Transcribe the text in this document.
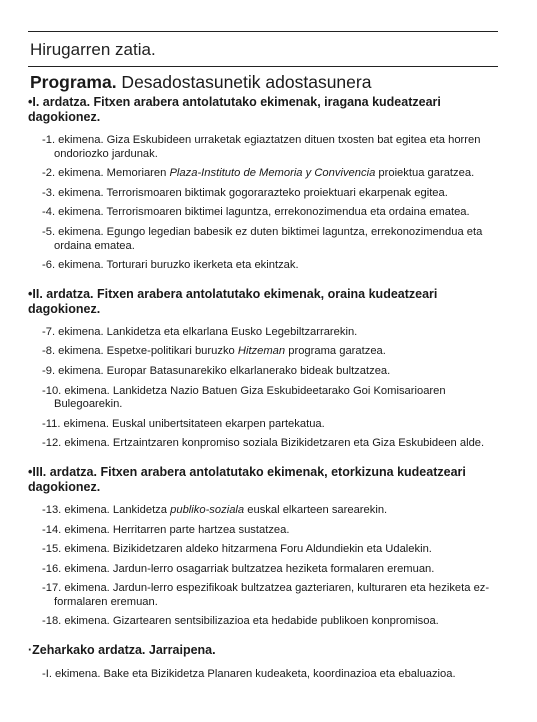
Hirugarren zatia.
Programa. Desadostasunetik adostasunera
•I. ardatza. Fitxen arabera antolatutako ekimenak, iragana kudeatzeari dagokionez.
-1. ekimena. Giza Eskubideen urraketak egiaztatzen dituen txosten bat egitea eta horren ondoriozko jardunak.
-2. ekimena. Memoriaren Plaza-Instituto de Memoria y Convivencia proiektua garatzea.
-3. ekimena. Terrorismoaren biktimak gogorarazteko proiektuari ekarpenak egitea.
-4. ekimena. Terrorismoaren biktimei laguntza, errekonozimendua eta ordaina ematea.
-5. ekimena. Egungo legedian babesik ez duten biktimei laguntza, errekonozimendua eta ordaina ematea.
-6. ekimena. Torturari buruzko ikerketa eta ekintzak.
•II. ardatza. Fitxen arabera antolatutako ekimenak, oraina kudeatzeari dagokionez.
-7. ekimena. Lankidetza eta elkarlana Eusko Legebiltzarrarekin.
-8. ekimena. Espetxe-politikari buruzko Hitzeman programa garatzea.
-9. ekimena. Europar Batasunarekiko elkarlanerako bideak bultzatzea.
-10. ekimena. Lankidetza Nazio Batuen Giza Eskubideetarako Goi Komisarioaren Bulegoarekin.
-11. ekimena. Euskal unibertsitateen ekarpen partekatua.
-12. ekimena. Ertzaintzaren konpromiso soziala Bizikidetzaren eta Giza Eskubideen alde.
•III. ardatza. Fitxen arabera antolatutako ekimenak, etorkizuna kudeatzeari dagokionez.
-13. ekimena. Lankidetza publiko-soziala euskal elkarteen sarearekin.
-14. ekimena. Herritarren parte hartzea sustatzea.
-15. ekimena. Bizikidetzaren aldeko hitzarmena Foru Aldundiekin eta Udalekin.
-16. ekimena. Jardun-lerro osagarriak bultzatzea heziketa formalaren eremuan.
-17. ekimena. Jardun-lerro espezifikoak bultzatzea gazteriaren, kulturaren eta heziketa ez-formalaren eremuan.
-18. ekimena. Gizartearen sentsibilizazioa eta hedabide publikoen konpromisoa.
·Zeharkako ardatza. Jarraipena.
-I. ekimena. Bake eta Bizikidetza Planaren kudeaketa, koordinazioa eta ebaluazioa.
